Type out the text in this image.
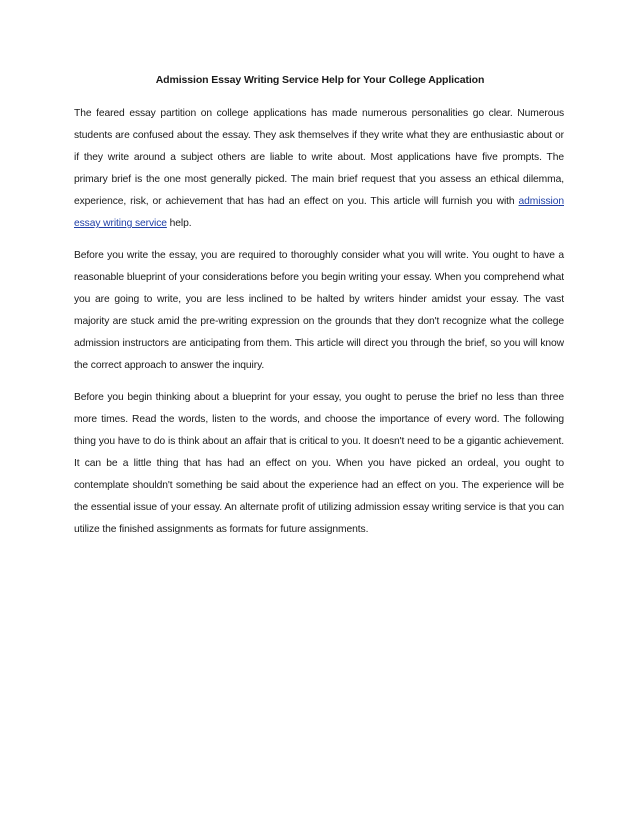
Admission Essay Writing Service Help for Your College Application

The feared essay partition on college applications has made numerous personalities go clear. Numerous students are confused about the essay. They ask themselves if they write what they are enthusiastic about or if they write around a subject others are liable to write about. Most applications have five prompts. The primary brief is the one most generally picked. The main brief request that you assess an ethical dilemma, experience, risk, or achievement that has had an effect on you. This article will furnish you with admission essay writing service help.

Before you write the essay, you are required to thoroughly consider what you will write. You ought to have a reasonable blueprint of your considerations before you begin writing your essay. When you comprehend what you are going to write, you are less inclined to be halted by writers hinder amidst your essay. The vast majority are stuck amid the pre-writing expression on the grounds that they don't recognize what the college admission instructors are anticipating from them. This article will direct you through the brief, so you will know the correct approach to answer the inquiry.

Before you begin thinking about a blueprint for your essay, you ought to peruse the brief no less than three more times. Read the words, listen to the words, and choose the importance of every word. The following thing you have to do is think about an affair that is critical to you. It doesn't need to be a gigantic achievement. It can be a little thing that has had an effect on you. When you have picked an ordeal, you ought to contemplate shouldn't something be said about the experience had an effect on you. The experience will be the essential issue of your essay. An alternate profit of utilizing admission essay writing service is that you can utilize the finished assignments as formats for future assignments.
